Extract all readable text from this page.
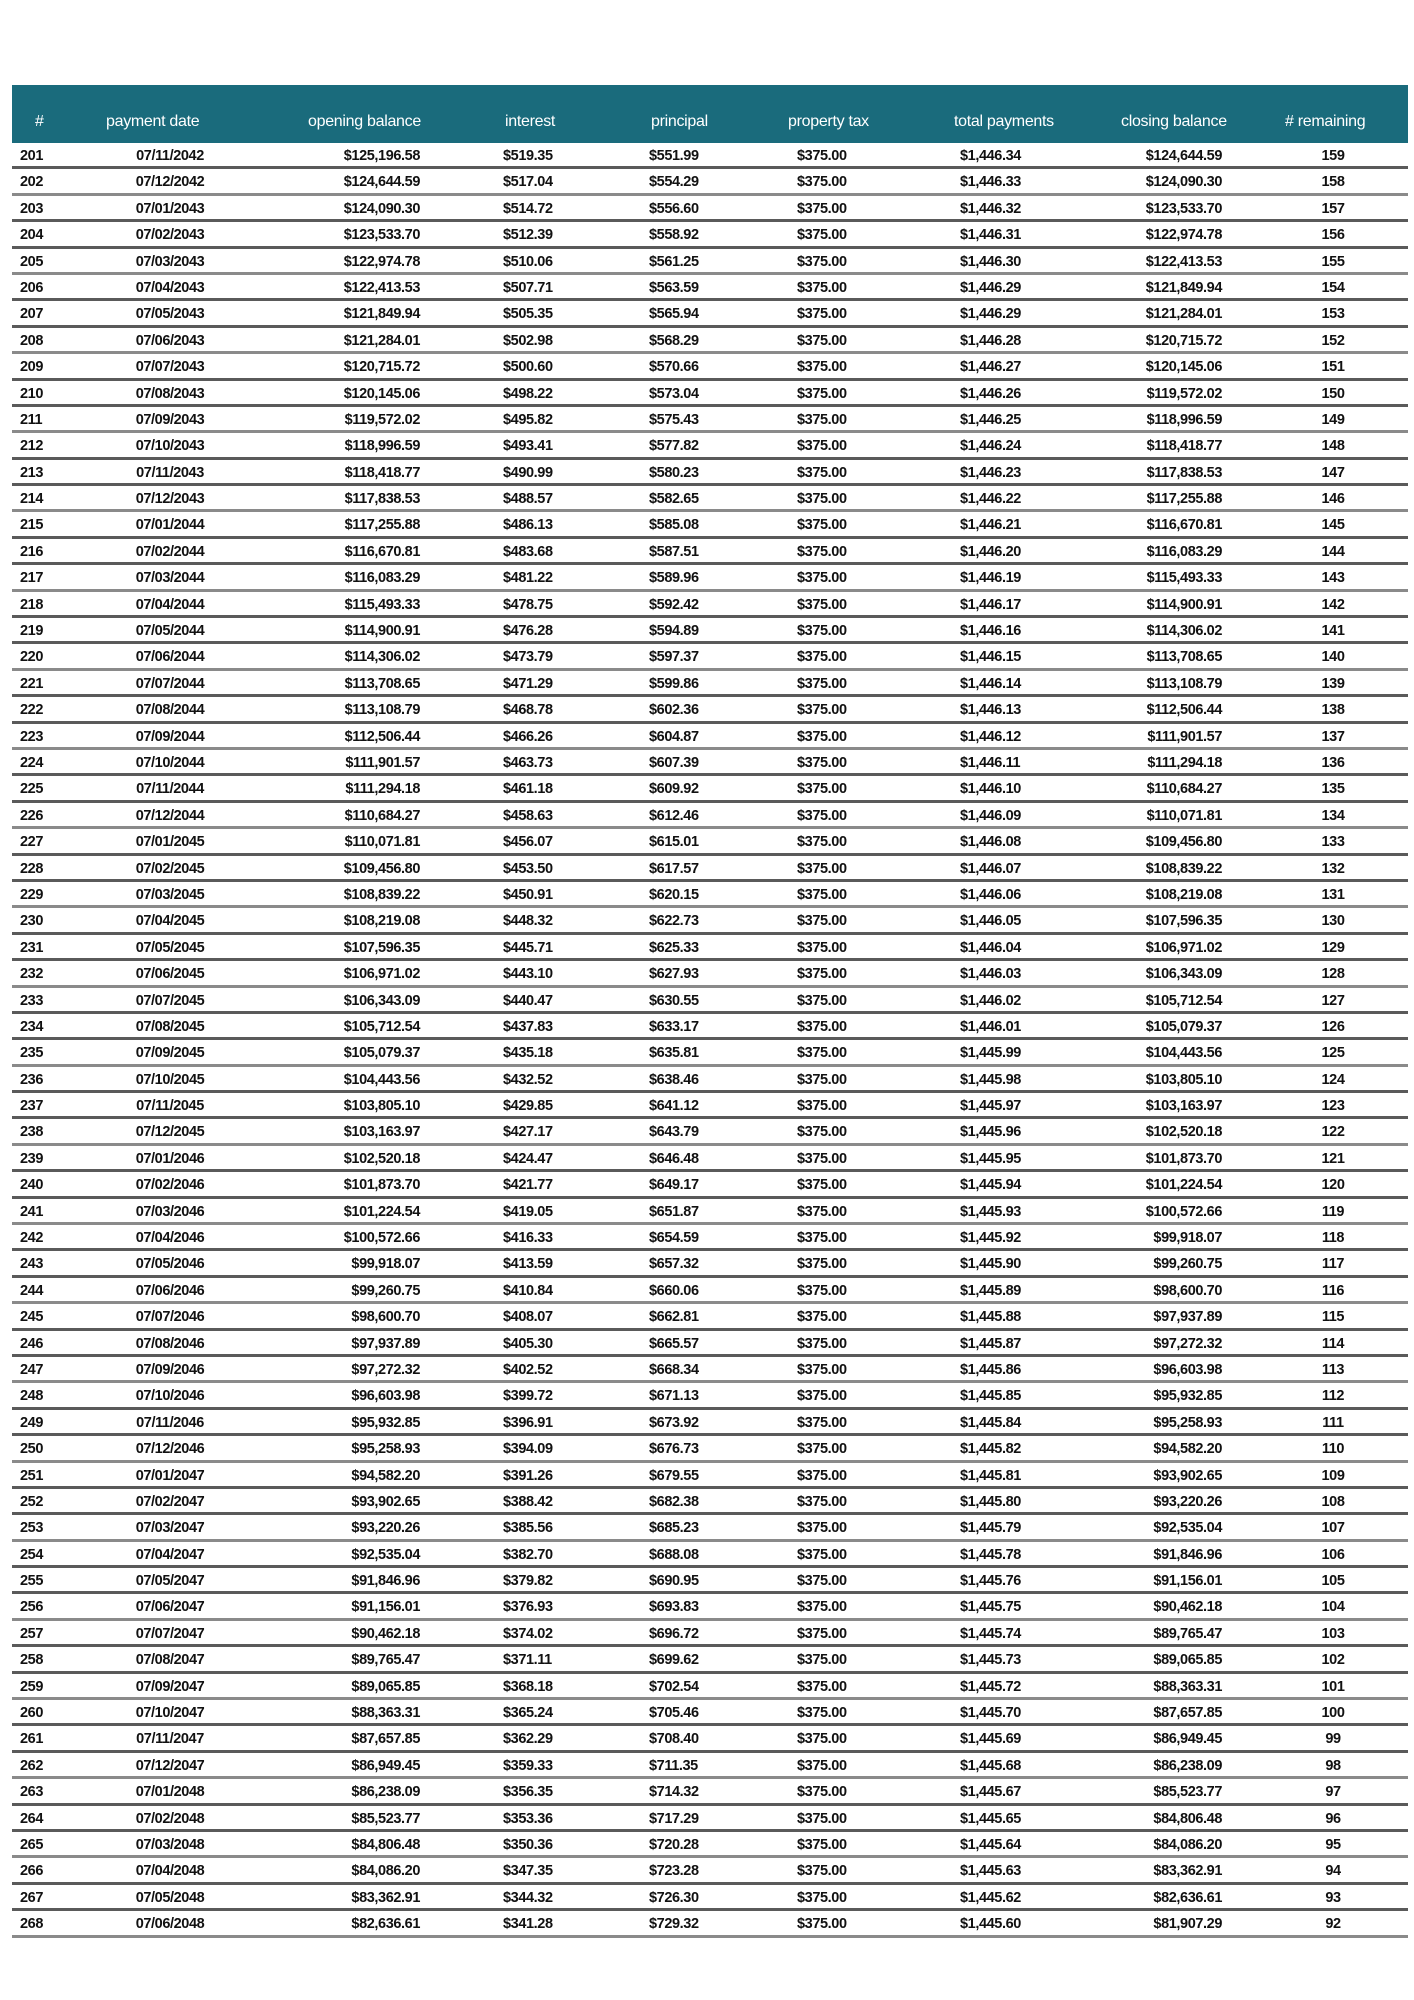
#	payment date	opening balance	interest	principal	property tax	total payments	closing balance	# remaining
201	07/11/2042	$125,196.58	$519.35	$551.99	$375.00	$1,446.34	$124,644.59	159
202	07/12/2042	$124,644.59	$517.04	$554.29	$375.00	$1,446.33	$124,090.30	158
203	07/01/2043	$124,090.30	$514.72	$556.60	$375.00	$1,446.32	$123,533.70	157
204	07/02/2043	$123,533.70	$512.39	$558.92	$375.00	$1,446.31	$122,974.78	156
205	07/03/2043	$122,974.78	$510.06	$561.25	$375.00	$1,446.30	$122,413.53	155
206	07/04/2043	$122,413.53	$507.71	$563.59	$375.00	$1,446.29	$121,849.94	154
207	07/05/2043	$121,849.94	$505.35	$565.94	$375.00	$1,446.29	$121,284.01	153
208	07/06/2043	$121,284.01	$502.98	$568.29	$375.00	$1,446.28	$120,715.72	152
209	07/07/2043	$120,715.72	$500.60	$570.66	$375.00	$1,446.27	$120,145.06	151
210	07/08/2043	$120,145.06	$498.22	$573.04	$375.00	$1,446.26	$119,572.02	150
211	07/09/2043	$119,572.02	$495.82	$575.43	$375.00	$1,446.25	$118,996.59	149
212	07/10/2043	$118,996.59	$493.41	$577.82	$375.00	$1,446.24	$118,418.77	148
213	07/11/2043	$118,418.77	$490.99	$580.23	$375.00	$1,446.23	$117,838.53	147
214	07/12/2043	$117,838.53	$488.57	$582.65	$375.00	$1,446.22	$117,255.88	146
215	07/01/2044	$117,255.88	$486.13	$585.08	$375.00	$1,446.21	$116,670.81	145
216	07/02/2044	$116,670.81	$483.68	$587.51	$375.00	$1,446.20	$116,083.29	144
217	07/03/2044	$116,083.29	$481.22	$589.96	$375.00	$1,446.19	$115,493.33	143
218	07/04/2044	$115,493.33	$478.75	$592.42	$375.00	$1,446.17	$114,900.91	142
219	07/05/2044	$114,900.91	$476.28	$594.89	$375.00	$1,446.16	$114,306.02	141
220	07/06/2044	$114,306.02	$473.79	$597.37	$375.00	$1,446.15	$113,708.65	140
221	07/07/2044	$113,708.65	$471.29	$599.86	$375.00	$1,446.14	$113,108.79	139
222	07/08/2044	$113,108.79	$468.78	$602.36	$375.00	$1,446.13	$112,506.44	138
223	07/09/2044	$112,506.44	$466.26	$604.87	$375.00	$1,446.12	$111,901.57	137
224	07/10/2044	$111,901.57	$463.73	$607.39	$375.00	$1,446.11	$111,294.18	136
225	07/11/2044	$111,294.18	$461.18	$609.92	$375.00	$1,446.10	$110,684.27	135
226	07/12/2044	$110,684.27	$458.63	$612.46	$375.00	$1,446.09	$110,071.81	134
227	07/01/2045	$110,071.81	$456.07	$615.01	$375.00	$1,446.08	$109,456.80	133
228	07/02/2045	$109,456.80	$453.50	$617.57	$375.00	$1,446.07	$108,839.22	132
229	07/03/2045	$108,839.22	$450.91	$620.15	$375.00	$1,446.06	$108,219.08	131
230	07/04/2045	$108,219.08	$448.32	$622.73	$375.00	$1,446.05	$107,596.35	130
231	07/05/2045	$107,596.35	$445.71	$625.33	$375.00	$1,446.04	$106,971.02	129
232	07/06/2045	$106,971.02	$443.10	$627.93	$375.00	$1,446.03	$106,343.09	128
233	07/07/2045	$106,343.09	$440.47	$630.55	$375.00	$1,446.02	$105,712.54	127
234	07/08/2045	$105,712.54	$437.83	$633.17	$375.00	$1,446.01	$105,079.37	126
235	07/09/2045	$105,079.37	$435.18	$635.81	$375.00	$1,445.99	$104,443.56	125
236	07/10/2045	$104,443.56	$432.52	$638.46	$375.00	$1,445.98	$103,805.10	124
237	07/11/2045	$103,805.10	$429.85	$641.12	$375.00	$1,445.97	$103,163.97	123
238	07/12/2045	$103,163.97	$427.17	$643.79	$375.00	$1,445.96	$102,520.18	122
239	07/01/2046	$102,520.18	$424.47	$646.48	$375.00	$1,445.95	$101,873.70	121
240	07/02/2046	$101,873.70	$421.77	$649.17	$375.00	$1,445.94	$101,224.54	120
241	07/03/2046	$101,224.54	$419.05	$651.87	$375.00	$1,445.93	$100,572.66	119
242	07/04/2046	$100,572.66	$416.33	$654.59	$375.00	$1,445.92	$99,918.07	118
243	07/05/2046	$99,918.07	$413.59	$657.32	$375.00	$1,445.90	$99,260.75	117
244	07/06/2046	$99,260.75	$410.84	$660.06	$375.00	$1,445.89	$98,600.70	116
245	07/07/2046	$98,600.70	$408.07	$662.81	$375.00	$1,445.88	$97,937.89	115
246	07/08/2046	$97,937.89	$405.30	$665.57	$375.00	$1,445.87	$97,272.32	114
247	07/09/2046	$97,272.32	$402.52	$668.34	$375.00	$1,445.86	$96,603.98	113
248	07/10/2046	$96,603.98	$399.72	$671.13	$375.00	$1,445.85	$95,932.85	112
249	07/11/2046	$95,932.85	$396.91	$673.92	$375.00	$1,445.84	$95,258.93	111
250	07/12/2046	$95,258.93	$394.09	$676.73	$375.00	$1,445.82	$94,582.20	110
251	07/01/2047	$94,582.20	$391.26	$679.55	$375.00	$1,445.81	$93,902.65	109
252	07/02/2047	$93,902.65	$388.42	$682.38	$375.00	$1,445.80	$93,220.26	108
253	07/03/2047	$93,220.26	$385.56	$685.23	$375.00	$1,445.79	$92,535.04	107
254	07/04/2047	$92,535.04	$382.70	$688.08	$375.00	$1,445.78	$91,846.96	106
255	07/05/2047	$91,846.96	$379.82	$690.95	$375.00	$1,445.76	$91,156.01	105
256	07/06/2047	$91,156.01	$376.93	$693.83	$375.00	$1,445.75	$90,462.18	104
257	07/07/2047	$90,462.18	$374.02	$696.72	$375.00	$1,445.74	$89,765.47	103
258	07/08/2047	$89,765.47	$371.11	$699.62	$375.00	$1,445.73	$89,065.85	102
259	07/09/2047	$89,065.85	$368.18	$702.54	$375.00	$1,445.72	$88,363.31	101
260	07/10/2047	$88,363.31	$365.24	$705.46	$375.00	$1,445.70	$87,657.85	100
261	07/11/2047	$87,657.85	$362.29	$708.40	$375.00	$1,445.69	$86,949.45	99
262	07/12/2047	$86,949.45	$359.33	$711.35	$375.00	$1,445.68	$86,238.09	98
263	07/01/2048	$86,238.09	$356.35	$714.32	$375.00	$1,445.67	$85,523.77	97
264	07/02/2048	$85,523.77	$353.36	$717.29	$375.00	$1,445.65	$84,806.48	96
265	07/03/2048	$84,806.48	$350.36	$720.28	$375.00	$1,445.64	$84,086.20	95
266	07/04/2048	$84,086.20	$347.35	$723.28	$375.00	$1,445.63	$83,362.91	94
267	07/05/2048	$83,362.91	$344.32	$726.30	$375.00	$1,445.62	$82,636.61	93
268	07/06/2048	$82,636.61	$341.28	$729.32	$375.00	$1,445.60	$81,907.29	92
